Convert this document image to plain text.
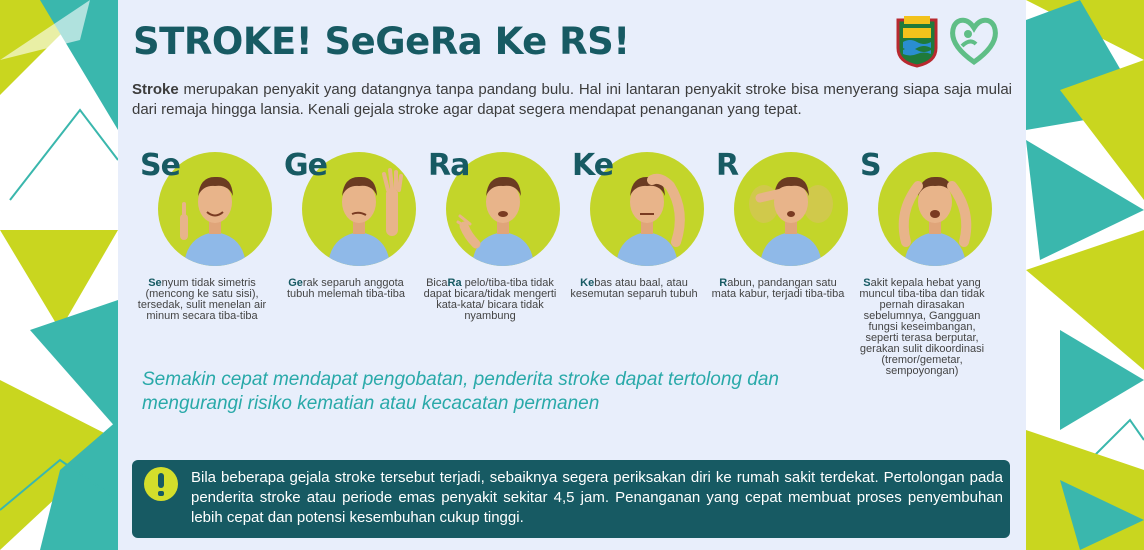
STROKE! SeGeRa Ke RS!

Stroke merupakan penyakit yang datangnya tanpa pandang bulu. Hal ini lantaran penyakit stroke bisa menyerang siapa saja mulai dari remaja hingga lansia. Kenali gejala stroke agar dapat segera mendapat penanganan yang tepat.

Se

Senyum tidak simetris (mencong ke satu sisi), tersedak, sulit menelan air minum secara tiba-tiba

Ge

Gerak separuh anggota tubuh melemah tiba-tiba

Ra

BicaRa pelo/tiba-tiba tidak dapat bicara/tidak mengerti kata-kata/ bicara tidak nyambung

Ke

Kebas atau baal, atau kesemutan separuh tubuh

R

Rabun, pandangan satu mata kabur, terjadi tiba-tiba

S

Sakit kepala hebat yang muncul tiba-tiba dan tidak pernah dirasakan sebelumnya, Gangguan fungsi keseimbangan, seperti terasa berputar, gerakan sulit dikoordinasi (tremor/gemetar, sempoyongan)

Semakin cepat mendapat pengobatan, penderita stroke dapat tertolong dan mengurangi risiko kematian atau kecacatan permanen

Bila beberapa gejala stroke tersebut terjadi, sebaiknya segera periksakan diri ke rumah sakit terdekat. Pertolongan pada penderita stroke atau periode emas penyakit sekitar 4,5 jam. Penanganan yang cepat membuat proses penyembuhan lebih cepat dan potensi kesembuhan cukup tinggi.
